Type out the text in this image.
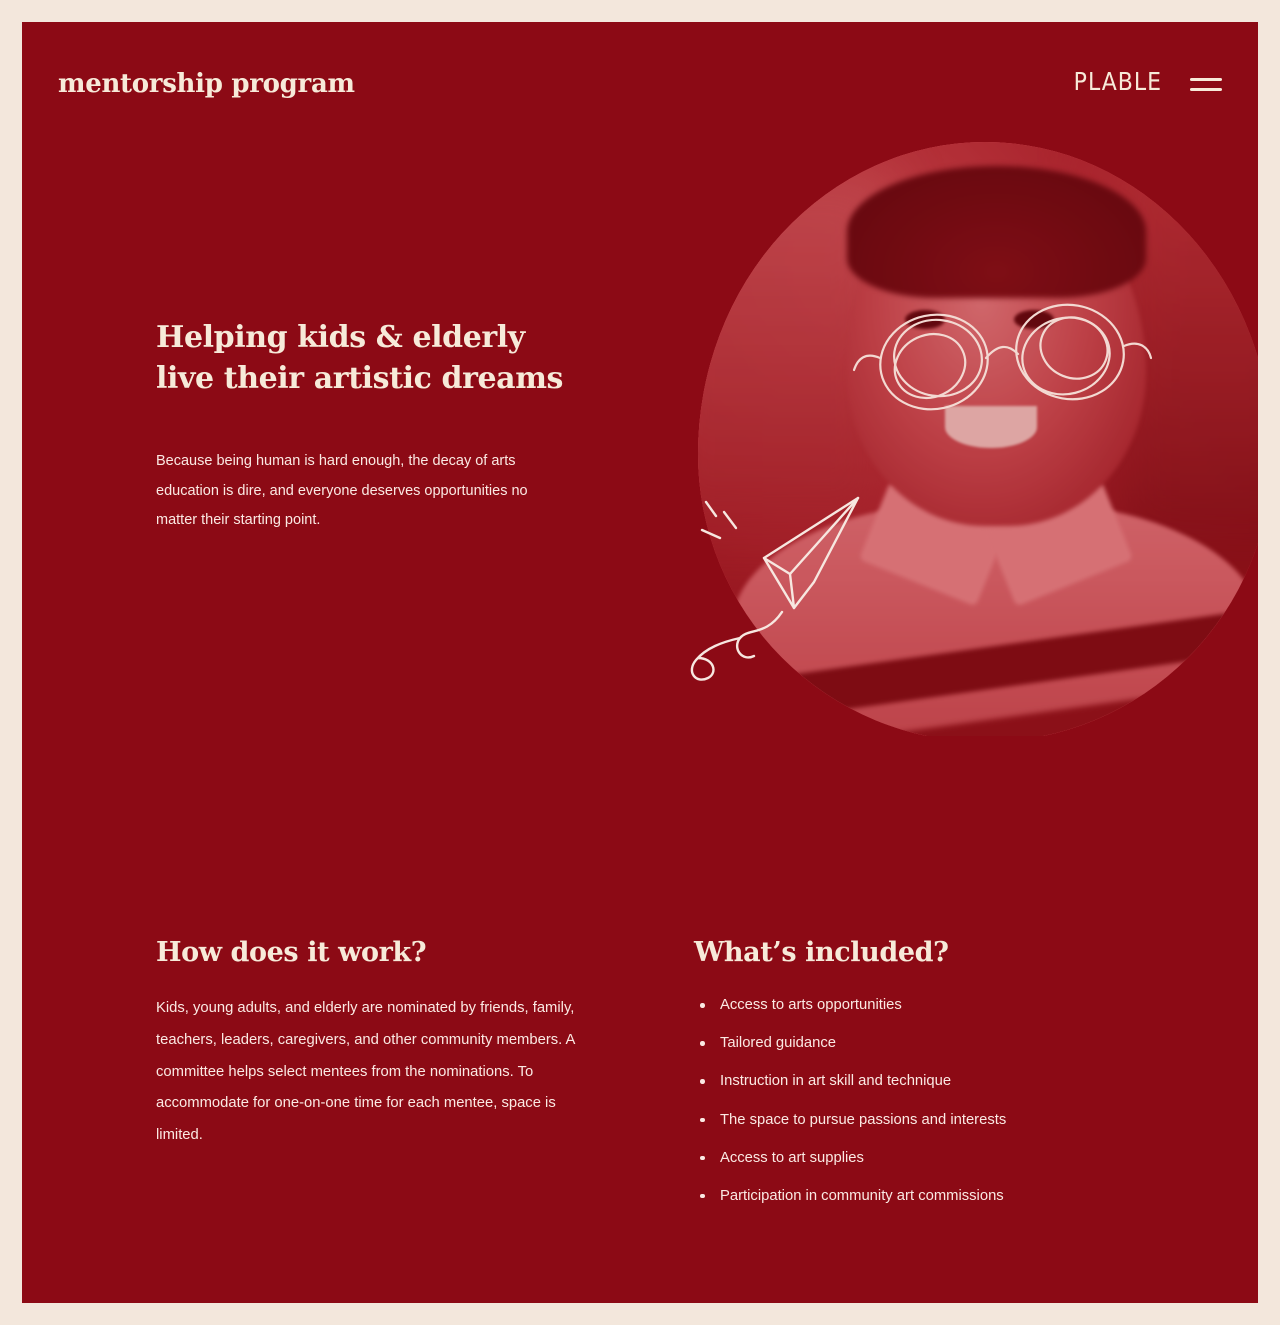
mentorship program	PLABLE
Helping kids & elderly
live their artistic dreams

Because being human is hard enough, the decay of arts education is dire, and everyone deserves opportunities no matter their starting point.

How does it work?

Kids, young adults, and elderly are nominated by friends, family, teachers, leaders, caregivers, and other community members. A committee helps select mentees from the nominations. To accommodate for one-on-one time for each mentee, space is limited.

What’s included?
Access to arts opportunities
Tailored guidance
Instruction in art skill and technique
The space to pursue passions and interests
Access to art supplies
Participation in community art commissions
